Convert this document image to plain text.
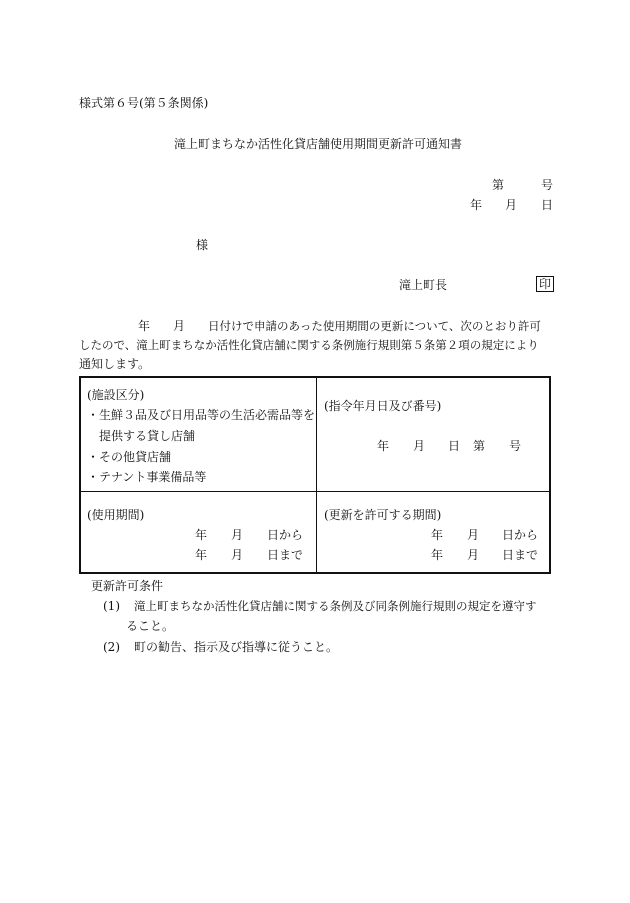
様式第６号(第５条関係)
滝上町まちなか活性化貸店舗使用期間更新許可通知書
第	号
年 月 日
様
滝上町長	印
年 月 日付けで申請のあった使用期間の更新について、次のとおり許可
したので、滝上町まちなか活性化貸店舗に関する条例施行規則第５条第２項の規定により
通知します。
(施設区分)
・生鮮３品及び日用品等の生活必需品等を
提供する貸し店舗
・その他貸店舗
・テナント事業備品等
(指令年月日及び番号)
年 月 日 第 号
(使用期間)
年 月 日から
年 月 日まで
(更新を許可する期間)
年 月 日から
年 月 日まで
更新許可条件
(1) 滝上町まちなか活性化貸店舗に関する条例及び同条例施行規則の規定を遵守す
ること。
(2) 町の勧告、指示及び指導に従うこと。
